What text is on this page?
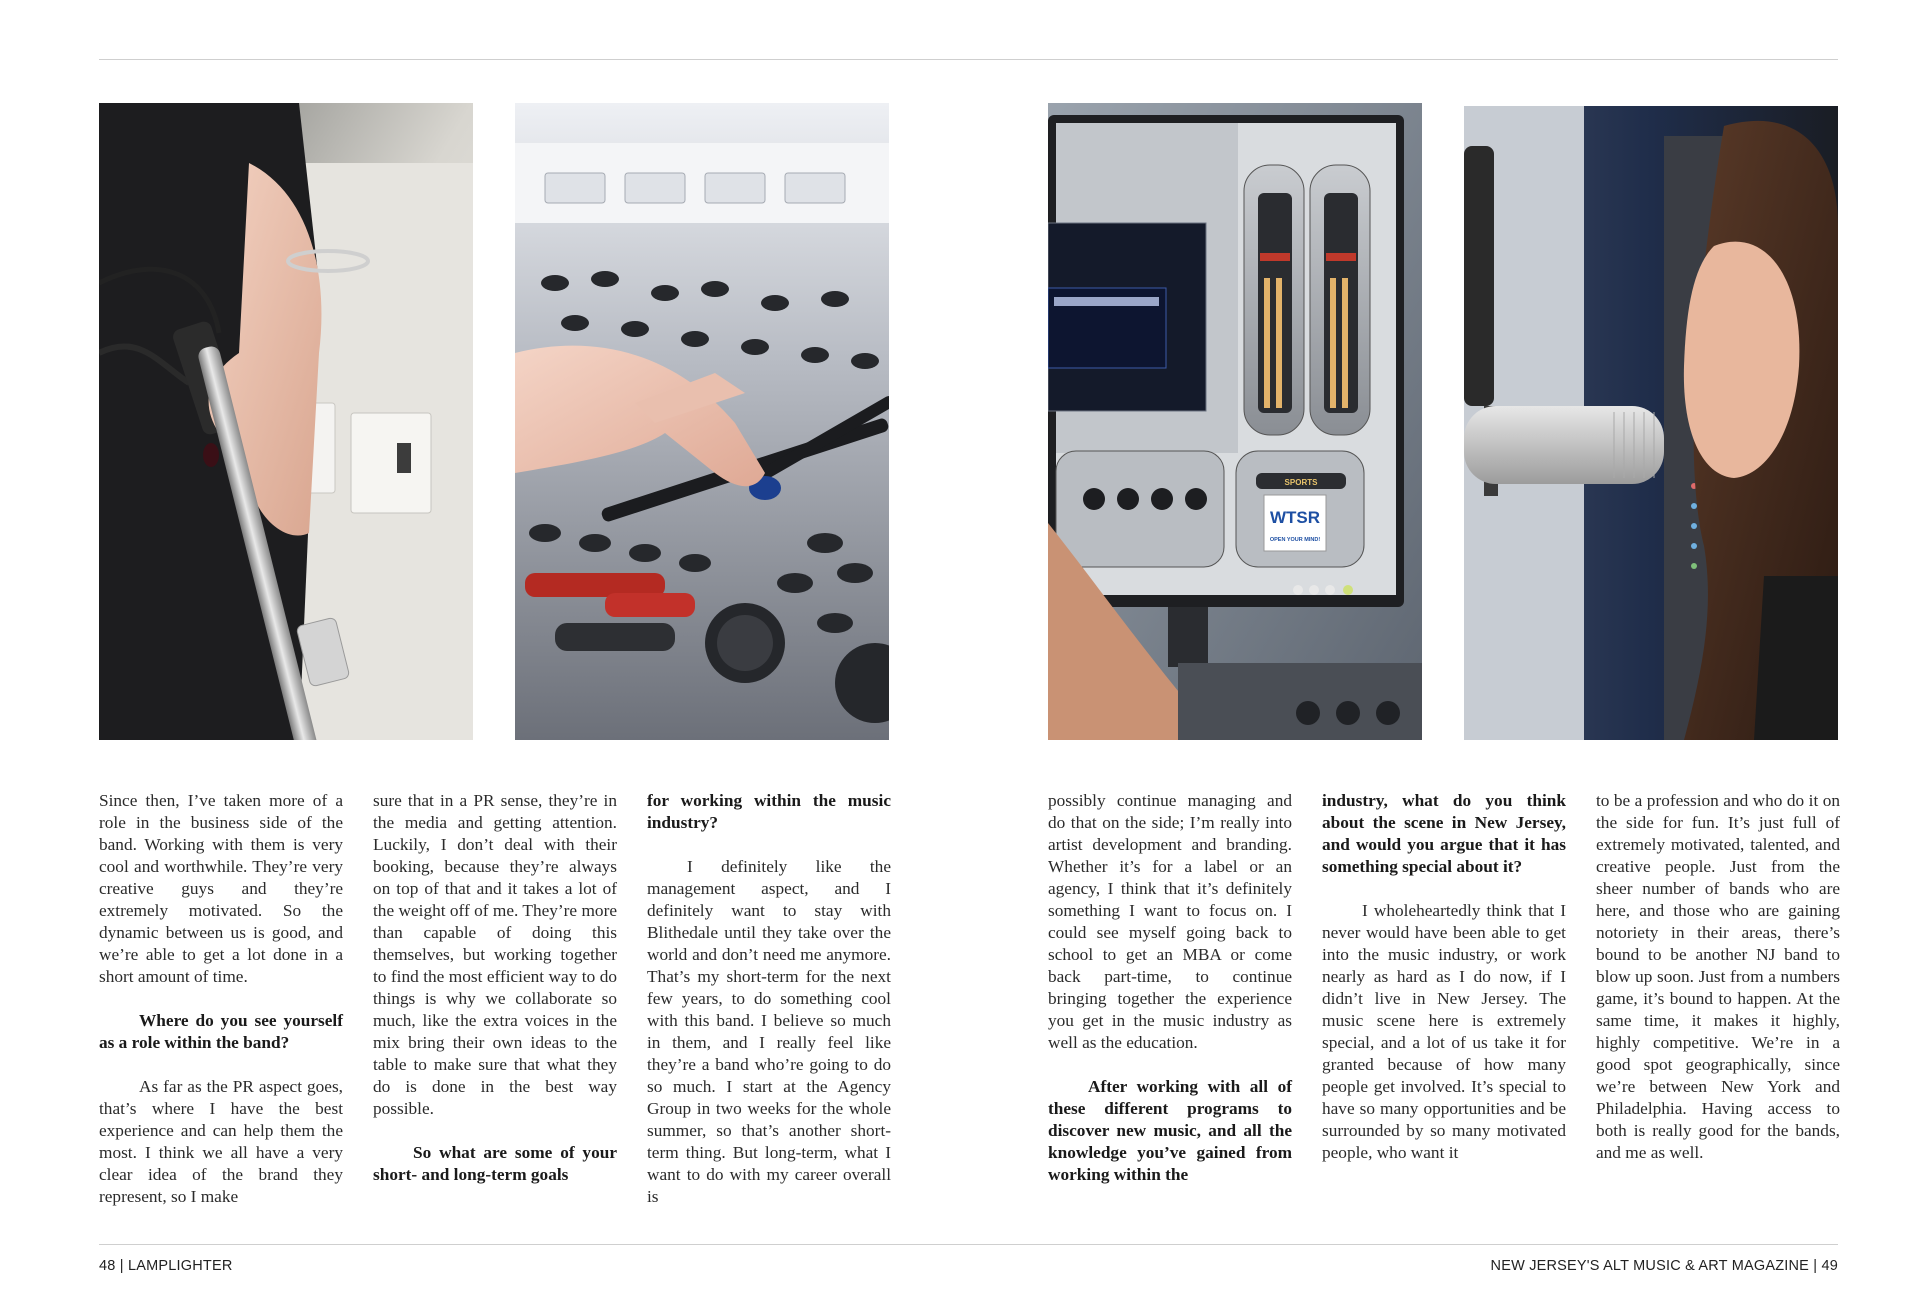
SPORTS
WTSR
OPEN YOUR MIND!

Since then, I’ve taken more of a role in the business side of the band. Working with them is very cool and worthwhile. They’re very creative guys and they’re extremely motivated. So the dynamic between us is good, and we’re able to get a lot done in a short amount of time.

Where do you see yourself as a role within the band?

As far as the PR aspect goes, that’s where I have the best experience and can help them the most. I think we all have a very clear idea of the brand they represent, so I make

sure that in a PR sense, they’re in the media and getting attention. Luckily, I don’t deal with their booking, because they’re always on top of that and it takes a lot of the weight off of me. They’re more than capable of doing this themselves, but working together to find the most efficient way to do things is why we collaborate so much, like the extra voices in the mix bring their own ideas to the table to make sure that what they do is done in the best way possible.

So what are some of your short- and long-term goals

for working within the music industry?

I definitely like the management aspect, and I definitely want to stay with Blithedale until they take over the world and don’t need me anymore. That’s my short-term for the next few years, to do something cool with this band. I believe so much in them, and I really feel like they’re a band who’re going to do so much. I start at the Agency Group in two weeks for the whole summer, so that’s another short-term thing. But long-term, what I want to do with my career overall is

possibly continue managing and do that on the side; I’m really into artist development and branding. Whether it’s for a label or an agency, I think that it’s definitely something I want to focus on. I could see myself going back to school to get an MBA or come back part-time, to continue bringing together the experience you get in the music industry as well as the education.

After working with all of these different programs to discover new music, and all the knowledge you’ve gained from working within the

industry, what do you think about the scene in New Jersey, and would you argue that it has something special about it?

I wholeheartedly think that I never would have been able to get into the music industry, or work nearly as hard as I do now, if I didn’t live in New Jersey. The music scene here is extremely special, and a lot of us take it for granted because of how many people get involved. It’s special to have so many opportunities and be surrounded by so many motivated people, who want it

to be a profession and who do it on the side for fun. It’s just full of extremely motivated, talented, and creative people. Just from the sheer number of bands who are here, and those who are gaining notoriety in their areas, there’s bound to be another NJ band to blow up soon. Just from a numbers game, it’s bound to happen. At the same time, it makes it highly, highly competitive. We’re in a good spot geographically, since we’re between New York and Philadelphia. Having access to both is really good for the bands, and me as well.

48 | LAMPLIGHTER	NEW JERSEY'S ALT MUSIC & ART MAGAZINE | 49
